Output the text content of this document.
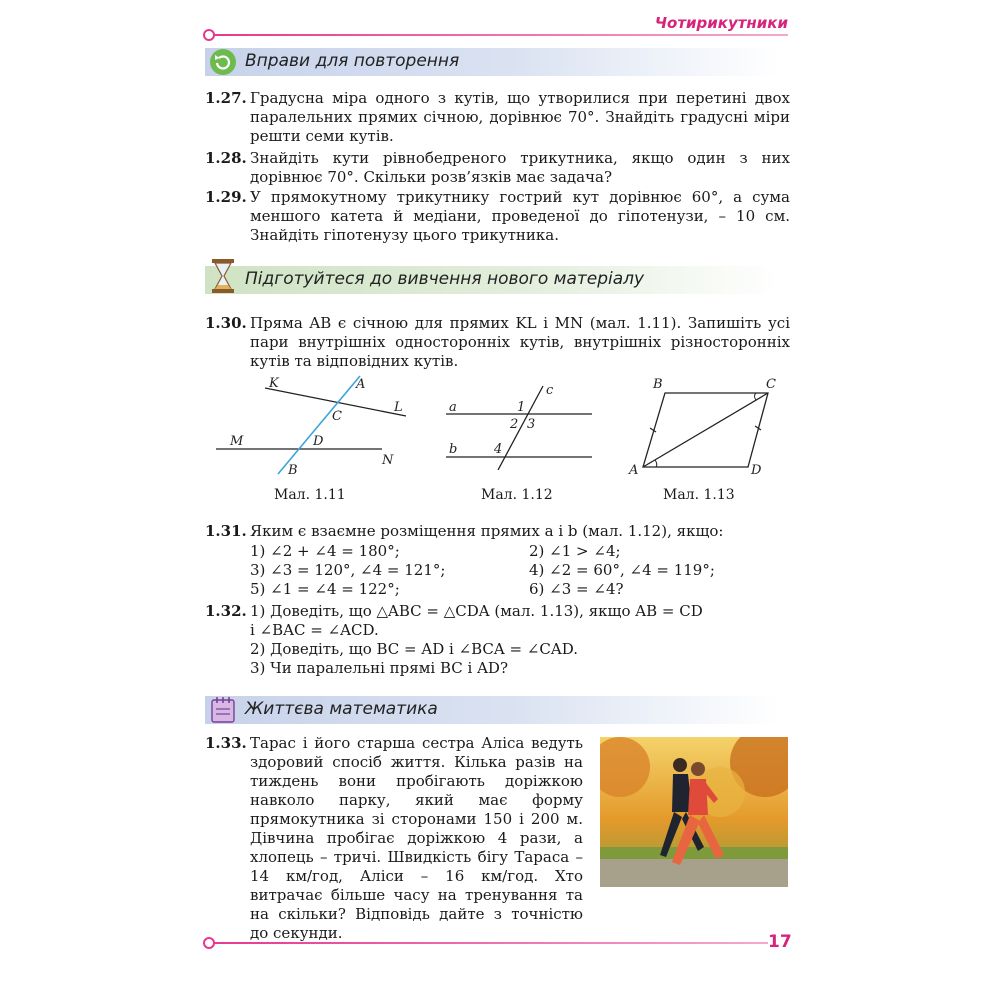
Чотирикутники
Вправи для повторення
1.27. Градусна міра одного з кутів, що утворилися при перетині двох паралельних прямих січною, дорівнює 70°. Знайдіть градусні міри решти семи кутів.
1.28. Знайдіть кути рівнобедреного трикутника, якщо один з них дорівнює 70°. Скільки розв’язків має задача?
1.29. У прямокутному трикутнику гострий кут дорівнює 60°, а сума меншого катета й медіани, проведеної до гіпотенузи, – 10 см. Знайдіть гіпотенузу цього трикутника.
Підготуйтеся до вивчення нового матеріалу
1.30. Пряма AB є січною для прямих KL і MN (мал. 1.11). Запишіть усі пари внутрішніх односторонніх кутів, внутрішніх різносторонніх кутів та відповідних кутів.
K	A
C
L
M	D
B
N
Мал. 1.11
c
a	1
2 3
b	4
Мал. 1.12
B	C
A	D
Мал. 1.13
1.31. Яким є взаємне розміщення прямих a і b (мал. 1.12), якщо:
1) ∠2 + ∠4 = 180°;	2) ∠1 > ∠4;
3) ∠3 = 120°, ∠4 = 121°;	4) ∠2 = 60°, ∠4 = 119°;
5) ∠1 = ∠4 = 122°;	6) ∠3 = ∠4?
1.32. 1) Доведіть, що △ABC = △CDA (мал. 1.13), якщо AB = CD
і ∠BAC = ∠ACD.
2) Доведіть, що BC = AD і ∠BCA = ∠CAD.
3) Чи паралельні прямі BC і AD?
Життєва математика
1.33. Тарас і його старша сестра Аліса ведуть здоровий спосіб життя. Кілька разів на тиждень вони пробігають доріжкою навколо парку, який має форму прямокутника зі сторонами 150 і 200 м. Дівчина пробігає доріжкою 4 рази, а хлопець – тричі. Швидкість бігу Тараса – 14 км/год, Аліси – 16 км/год. Хто витрачає більше часу на тренування та на скільки? Відповідь дайте з точністю до секунди.	17
